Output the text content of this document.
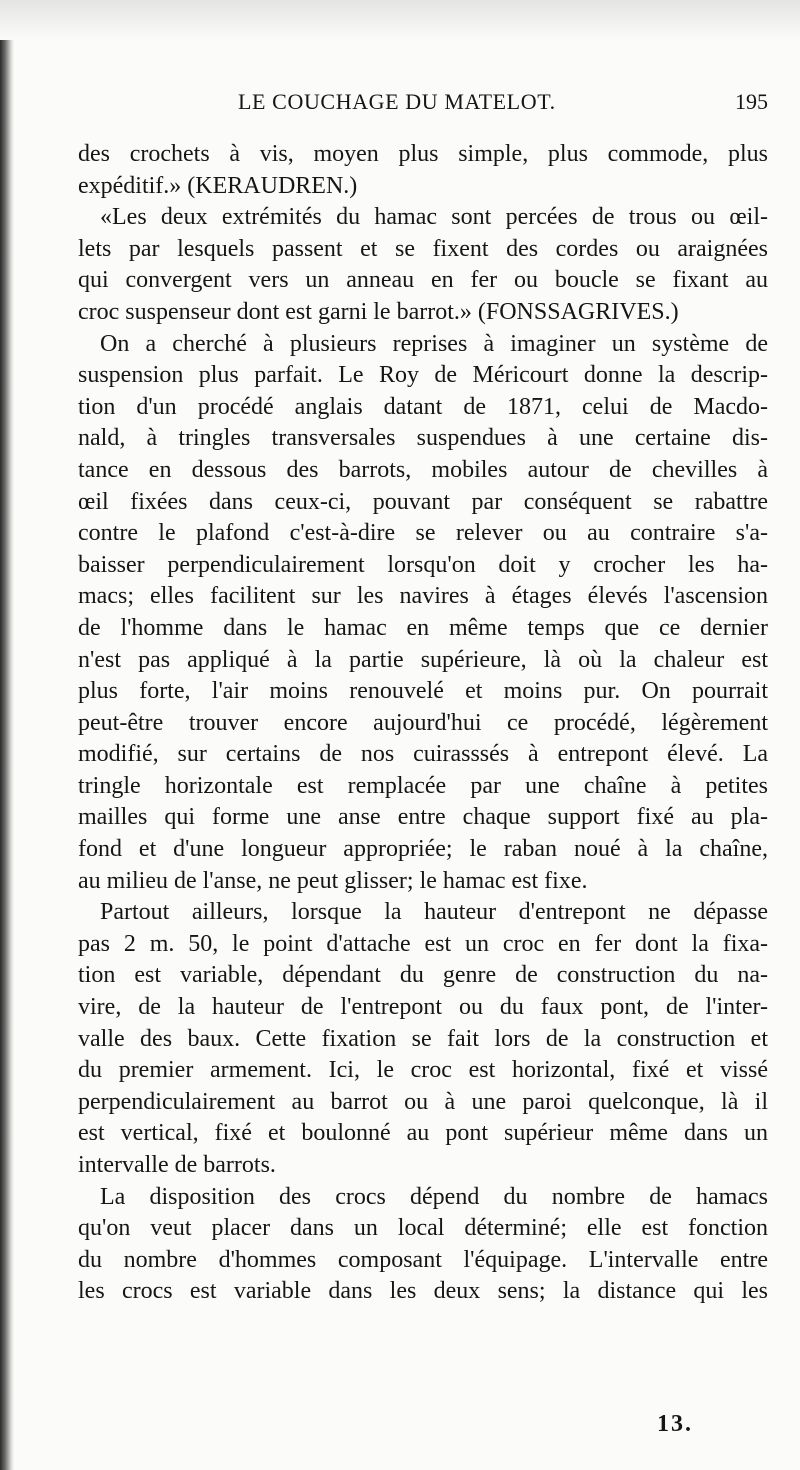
LE COUCHAGE DU MATELOT.	195
des crochets à vis, moyen plus simple, plus commode, plus
expéditif.» (KERAUDREN.)
«Les deux extrémités du hamac sont percées de trous ou œil-
lets par lesquels passent et se fixent des cordes ou araignées
qui convergent vers un anneau en fer ou boucle se fixant au
croc suspenseur dont est garni le barrot.» (FONSSAGRIVES.)
On a cherché à plusieurs reprises à imaginer un système de
suspension plus parfait. Le Roy de Méricourt donne la descrip-
tion d'un procédé anglais datant de 1871, celui de Macdo-
nald, à tringles transversales suspendues à une certaine dis-
tance en dessous des barrots, mobiles autour de chevilles à
œil fixées dans ceux-ci, pouvant par conséquent se rabattre
contre le plafond c'est-à-dire se relever ou au contraire s'a-
baisser perpendiculairement lorsqu'on doit y crocher les ha-
macs; elles facilitent sur les navires à étages élevés l'ascension
de l'homme dans le hamac en même temps que ce dernier
n'est pas appliqué à la partie supérieure, là où la chaleur est
plus forte, l'air moins renouvelé et moins pur. On pourrait
peut-être trouver encore aujourd'hui ce procédé, légèrement
modifié, sur certains de nos cuirasssés à entrepont élevé. La
tringle horizontale est remplacée par une chaîne à petites
mailles qui forme une anse entre chaque support fixé au pla-
fond et d'une longueur appropriée; le raban noué à la chaîne,
au milieu de l'anse, ne peut glisser; le hamac est fixe.
Partout ailleurs, lorsque la hauteur d'entrepont ne dépasse
pas 2 m. 50, le point d'attache est un croc en fer dont la fixa-
tion est variable, dépendant du genre de construction du na-
vire, de la hauteur de l'entrepont ou du faux pont, de l'inter-
valle des baux. Cette fixation se fait lors de la construction et
du premier armement. Ici, le croc est horizontal, fixé et vissé
perpendiculairement au barrot ou à une paroi quelconque, là il
est vertical, fixé et boulonné au pont supérieur même dans un
intervalle de barrots.
La disposition des crocs dépend du nombre de hamacs
qu'on veut placer dans un local déterminé; elle est fonction
du nombre d'hommes composant l'équipage. L'intervalle entre
les crocs est variable dans les deux sens; la distance qui les
13.
